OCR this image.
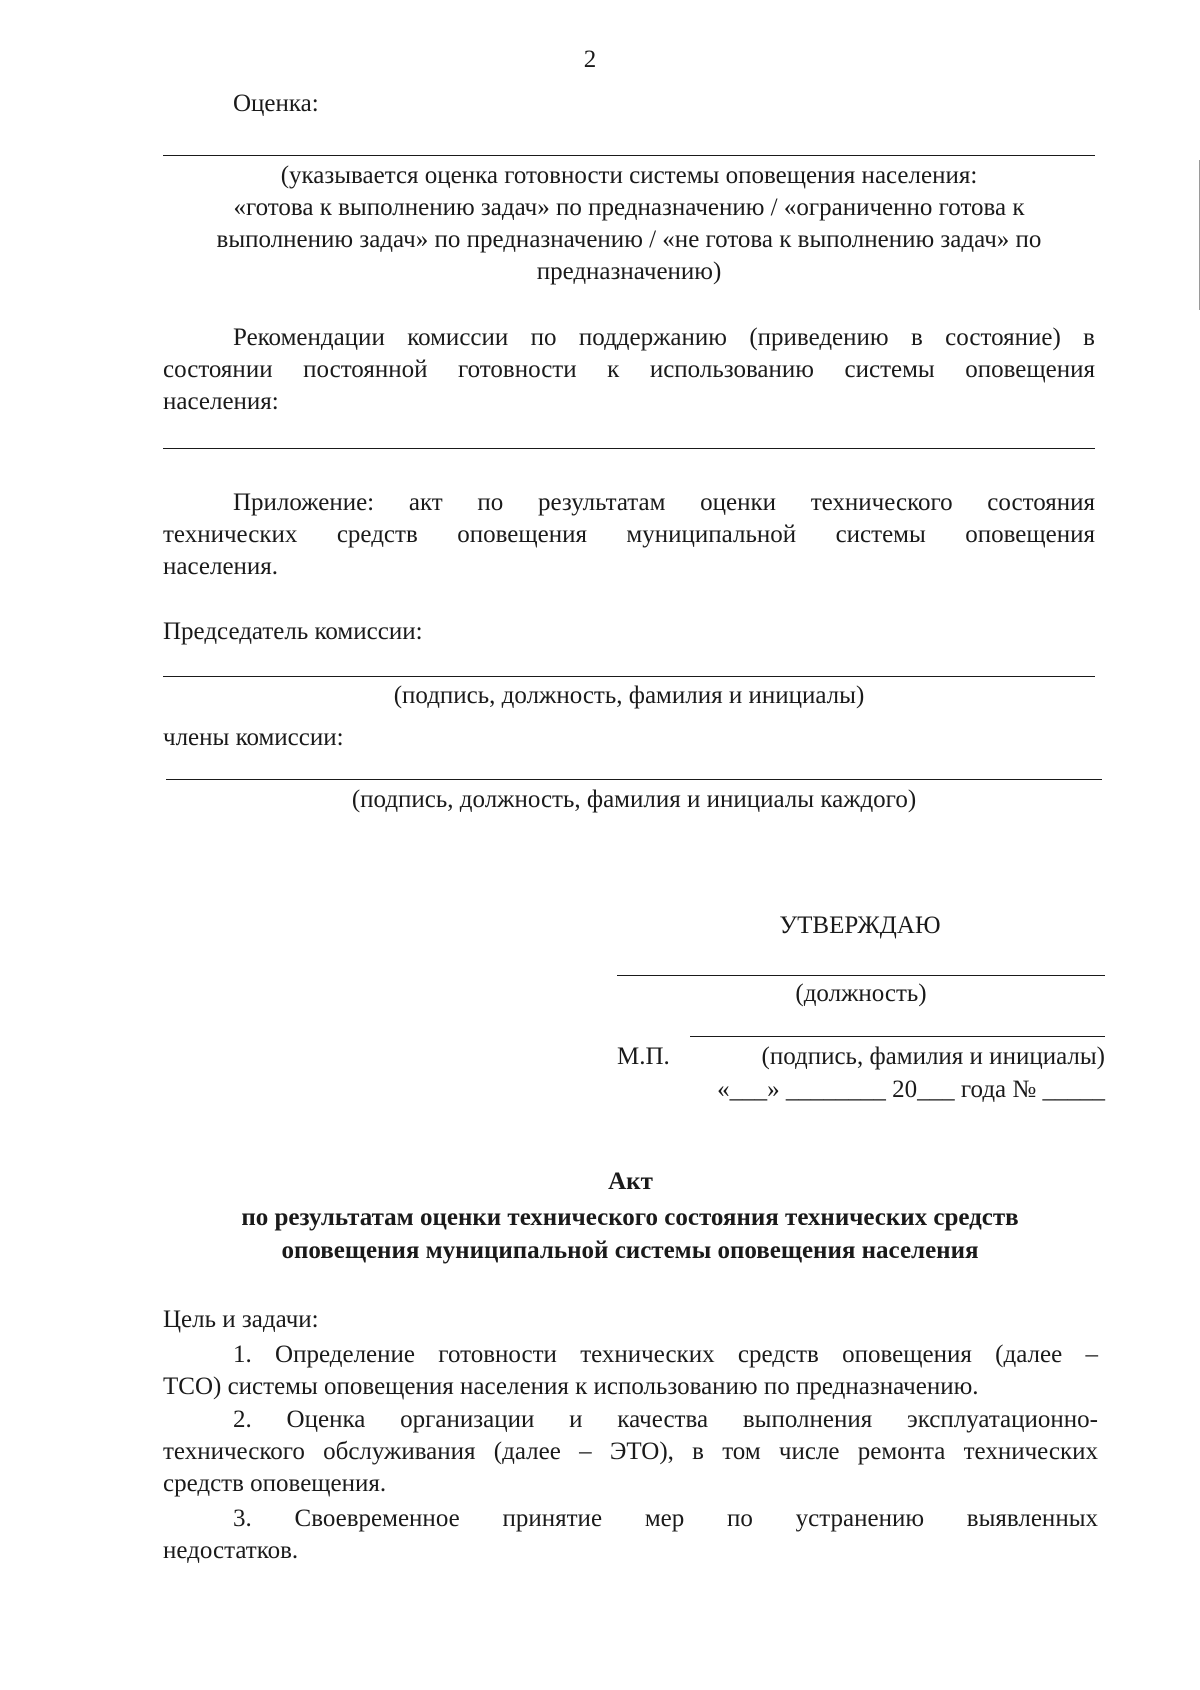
2
Оценка:

(указывается оценка готовности системы оповещения населения:

«готова к выполнению задач» по предназначению / «ограниченно готова к

выполнению задач» по предназначению / «не готова к выполнению задач» по

предназначению)

Рекомендации комиссии по поддержанию (приведению в состояние) в

состоянии постоянной готовности к использованию системы оповещения

населения:

Приложение: акт по результатам оценки технического состояния

технических средств оповещения муниципальной системы оповещения

населения.

Председатель комиссии:
(подпись, должность, фамилия и инициалы)
члены комиссии:
(подпись, должность, фамилия и инициалы каждого)
УТВЕРЖДАЮ
(должность)
М.П.	(подпись, фамилия и инициалы)
«___» ________ 20___ года № _____
Акт

по результатам оценки технического состояния технических средств

оповещения муниципальной системы оповещения населения

Цель и задачи:

1. Определение готовности технических средств оповещения (далее –

ТСО) системы оповещения населения к использованию по предназначению.

2. Оценка организации и качества выполнения эксплуатационно-

технического обслуживания (далее – ЭТО), в том числе ремонта технических

средств оповещения.

3. Своевременное принятие мер по устранению выявленных

недостатков.
